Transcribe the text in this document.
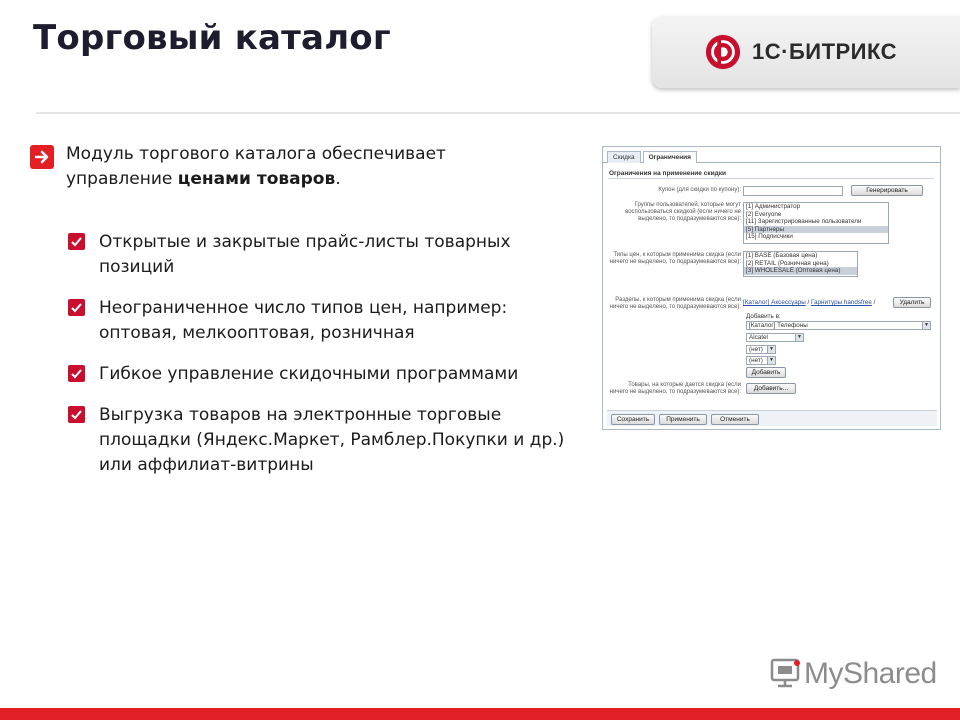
Торговый каталог	1С·БИТРИКС
Модуль торгового каталога обеспечивает управление ценами товаров.
Открытые и закрытые прайс-листы товарных позиций
Неограниченное число типов цен, например: оптовая, мелкооптовая, розничная
Гибкое управление скидочными программами
Выгрузка товаров на электронные торговые площадки (Яндекс.Маркет, Рамблер.Покупки и др.) или аффилиат-витрины
Скидка	Ограничения
Ограничения на применение скидки
Купон (для скидки по купону):	Генерировать
Группы пользователей, которые могут воспользоваться скидкой (если ничего не выделено, то подразумеваются все):
[1] Администратор
[2] Everyone
[11] Зарегистрированные пользователи
[5] Партнеры
[15] Подписчики
Типы цен, к которым применима скидка (если ничего не выделено, то подразумеваются все):
[1] BASE (Базовая цена)
[2] RETAIL (Розничная цена)
[3] WHOLESALE (Оптовая цена)
Разделы, к которым применима скидка (если ничего не выделено, то подразумеваются все):
[Каталог] Аксессуары / Гарнитуры handsfree /	Удалить
Добавить в:
[Каталог] Телефоны	▼
Alcatel	▼
(нет)	▼
(нет)	▼
Добавить
Товары, на которые дается скидка (если ничего не выделено, то подразумеваются все):	Добавить...
Сохранить	Применить	Отменить
MyShared
